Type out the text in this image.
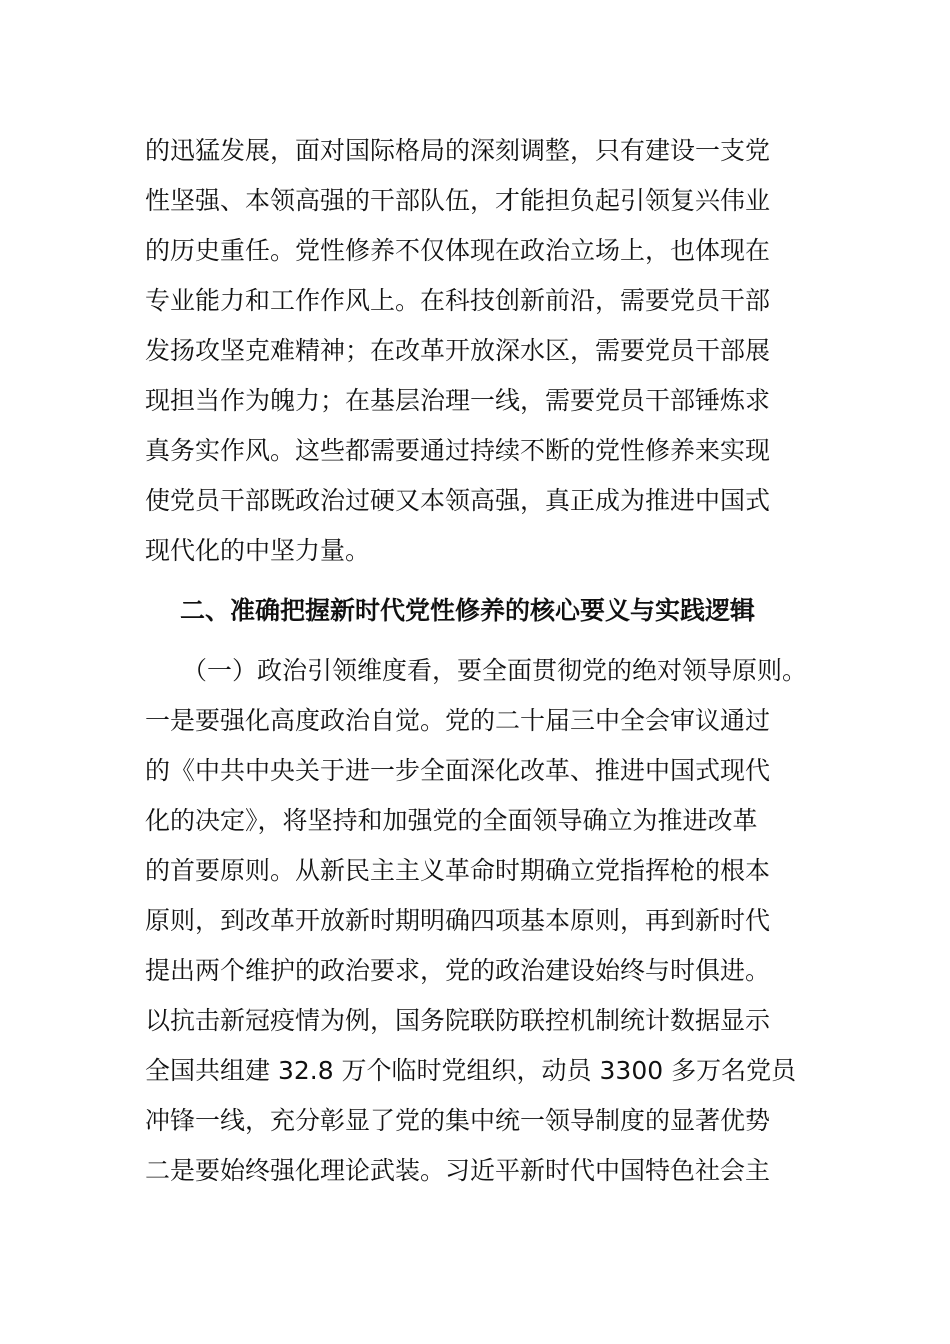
的迅猛发展，面对国际格局的深刻调整，只有建设一支党
性坚强、本领高强的干部队伍，才能担负起引领复兴伟业
的历史重任。党性修养不仅体现在政治立场上，也体现在
专业能力和工作作风上。在科技创新前沿，需要党员干部
发扬攻坚克难精神；在改革开放深水区，需要党员干部展
现担当作为魄力；在基层治理一线，需要党员干部锤炼求
真务实作风。这些都需要通过持续不断的党性修养来实现
使党员干部既政治过硬又本领高强，真正成为推进中国式
现代化的中坚力量。
二、准确把握新时代党性修养的核心要义与实践逻辑
（一）政治引领维度看，要全面贯彻党的绝对领导原则。
一是要强化高度政治自觉。党的二十届三中全会审议通过
的《中共中央关于进一步全面深化改革、推进中国式现代
化的决定》，将坚持和加强党的全面领导确立为推进改革
的首要原则。从新民主主义革命时期确立党指挥枪的根本
原则，到改革开放新时期明确四项基本原则，再到新时代
提出两个维护的政治要求，党的政治建设始终与时俱进。
以抗击新冠疫情为例，国务院联防联控机制统计数据显示
全国共组建 32.8 万个临时党组织，动员 3300 多万名党员
冲锋一线，充分彰显了党的集中统一领导制度的显著优势
二是要始终强化理论武装。习近平新时代中国特色社会主
